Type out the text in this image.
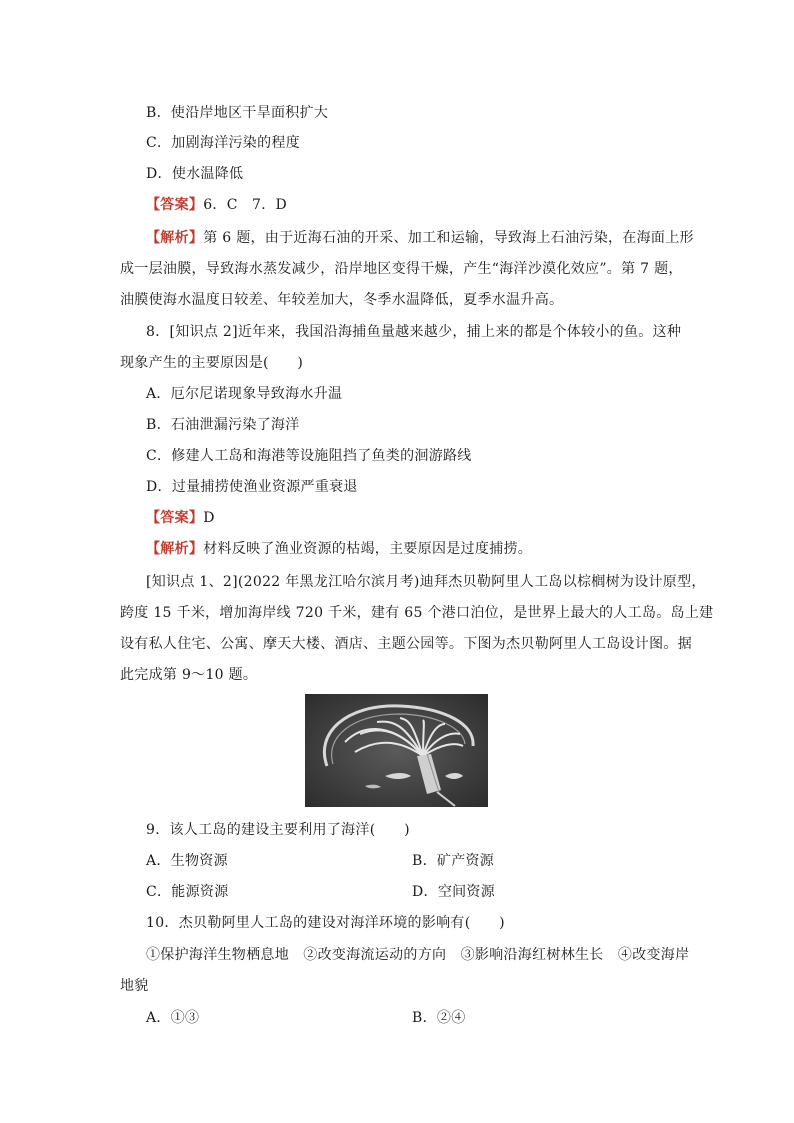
B．使沿岸地区干旱面积扩大
C．加剧海洋污染的程度
D．使水温降低
【答案】6．C　7．D
【解析】第 6 题，由于近海石油的开采、加工和运输，导致海上石油污染，在海面上形
成一层油膜，导致海水蒸发减少，沿岸地区变得干燥，产生“海洋沙漠化效应”。第 7 题，
油膜使海水温度日较差、年较差加大，冬季水温降低，夏季水温升高。
8．[知识点 2]近年来，我国沿海捕鱼量越来越少，捕上来的都是个体较小的鱼。这种
现象产生的主要原因是(　　)
A．厄尔尼诺现象导致海水升温
B．石油泄漏污染了海洋
C．修建人工岛和海港等设施阻挡了鱼类的洄游路线
D．过量捕捞使渔业资源严重衰退
【答案】D
【解析】材料反映了渔业资源的枯竭，主要原因是过度捕捞。
[知识点 1、2](2022 年黑龙江哈尔滨月考)迪拜杰贝勒阿里人工岛以棕榈树为设计原型，
跨度 15 千米，增加海岸线 720 千米，建有 65 个港口泊位，是世界上最大的人工岛。岛上建
设有私人住宅、公寓、摩天大楼、酒店、主题公园等。下图为杰贝勒阿里人工岛设计图。据
此完成第 9～10 题。
9．该人工岛的建设主要利用了海洋(　　)
A．生物资源	B．矿产资源
C．能源资源	D．空间资源
10．杰贝勒阿里人工岛的建设对海洋环境的影响有(　　)
①保护海洋生物栖息地　②改变海流运动的方向　③影响沿海红树林生长　④改变海岸
地貌
A．①③	B．②④
